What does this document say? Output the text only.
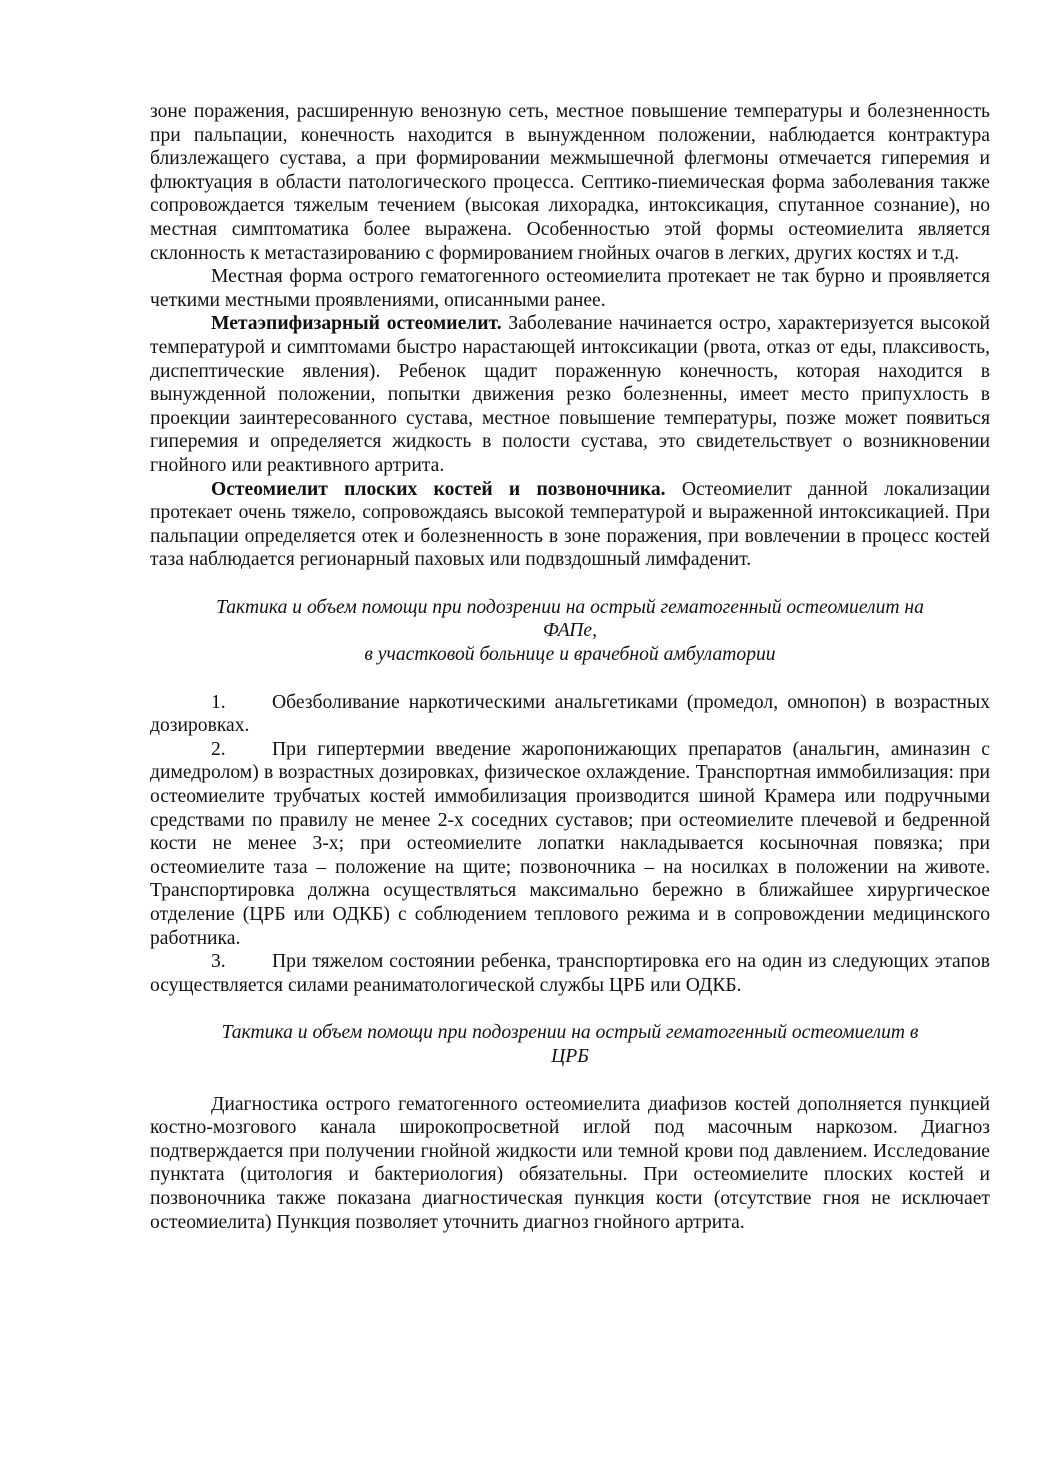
зоне поражения, расширенную венозную сеть, местное повышение температуры и болезненность при пальпации, конечность находится в вынужденном положении, наблюдается контрактура близлежащего сустава, а при формировании межмышечной флегмоны отмечается гиперемия и флюктуация в области патологического процесса. Септико-пиемическая форма заболевания также сопровождается тяжелым течением (высокая лихорадка, интоксикация, спутанное сознание), но местная симптоматика более выражена. Особенностью этой формы остеомиелита является склонность к метастазированию с формированием гнойных очагов в легких, других костях и т.д.

Местная форма острого гематогенного остеомиелита протекает не так бурно и проявляется четкими местными проявлениями, описанными ранее.

Метаэпифизарный остеомиелит. Заболевание начинается остро, характеризуется высокой температурой и симптомами быстро нарастающей интоксикации (рвота, отказ от еды, плаксивость, диспептические явления). Ребенок щадит пораженную конечность, которая находится в вынужденной положении, попытки движения резко болезненны, имеет место припухлость в проекции заинтересованного сустава, местное повышение температуры, позже может появиться гиперемия и определяется жидкость в полости сустава, это свидетельствует о возникновении гнойного или реактивного артрита.

Остеомиелит плоских костей и позвоночника. Остеомиелит данной локализации протекает очень тяжело, сопровождаясь высокой температурой и выраженной интоксикацией. При пальпации определяется отек и болезненность в зоне поражения, при вовлечении в процесс костей таза наблюдается регионарный паховых или подвздошный лимфаденит.

Тактика и объем помощи при подозрении на острый гематогенный остеомиелит на
ФАПе,
в участковой больнице и врачебной амбулатории

1. Обезболивание наркотическими анальгетиками (промедол, омнопон) в возрастных дозировках.

2. При гипертермии введение жаропонижающих препаратов (анальгин, аминазин с димедролом) в возрастных дозировках, физическое охлаждение. Транспортная иммобилизация: при остеомиелите трубчатых костей иммобилизация производится шиной Крамера или подручными средствами по правилу не менее 2-х соседних суставов; при остеомиелите плечевой и бедренной кости не менее 3-х; при остеомиелите лопатки накладывается косыночная повязка; при остеомиелите таза – положение на щите; позвоночника – на носилках в положении на животе. Транспортировка должна осуществляться максимально бережно в ближайшее хирургическое отделение (ЦРБ или ОДКБ) с соблюдением теплового режима и в сопровождении медицинского работника.

3. При тяжелом состоянии ребенка, транспортировка его на один из следующих этапов осуществляется силами реаниматологической службы ЦРБ или ОДКБ.

Тактика и объем помощи при подозрении на острый гематогенный остеомиелит в
ЦРБ

Диагностика острого гематогенного остеомиелита диафизов костей дополняется пункцией костно-мозгового канала широкопросветной иглой под масочным наркозом. Диагноз подтверждается при получении гнойной жидкости или темной крови под давлением. Исследование пунктата (цитология и бактериология) обязательны. При остеомиелите плоских костей и позвоночника также показана диагностическая пункция кости (отсутствие гноя не исключает остеомиелита) Пункция позволяет уточнить диагноз гнойного артрита.
